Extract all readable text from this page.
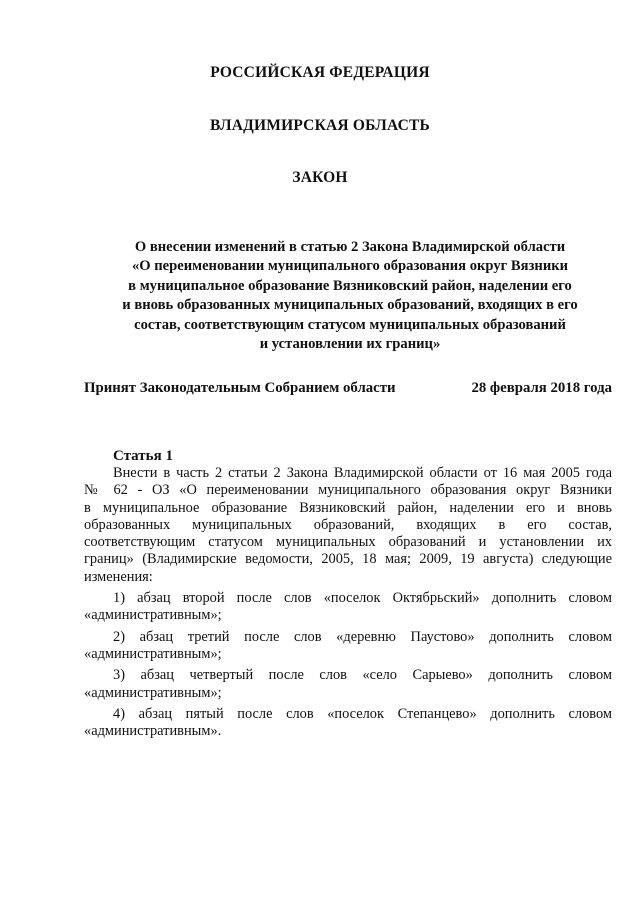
РОССИЙСКАЯ ФЕДЕРАЦИЯ
ВЛАДИМИРСКАЯ ОБЛАСТЬ
ЗАКОН
О внесении изменений в статью 2 Закона Владимирской области
«О переименовании муниципального образования округ Вязники
в муниципальное образование Вязниковский район, наделении его
и вновь образованных муниципальных образований, входящих в его
состав, соответствующим статусом муниципальных образований
и установлении их границ»
Принят Законодательным Собранием области	28 февраля 2018 года
Статья 1
Внести в часть 2 статьи 2 Закона Владимирской области от 16 мая 2005 года
№ 62 - ОЗ «О переименовании муниципального образования округ Вязники
в муниципальное образование Вязниковский район, наделении его и вновь
образованных муниципальных образований, входящих в его состав,
соответствующим статусом муниципальных образований и установлении их
границ» (Владимирские ведомости, 2005, 18 мая; 2009, 19 августа) следующие
изменения:
1) абзац второй после слов «поселок Октябрьский» дополнить словом
«административным»;
2) абзац третий после слов «деревню Паустово» дополнить словом
«административным»;
3) абзац четвертый после слов «село Сарыево» дополнить словом
«административным»;
4) абзац пятый после слов «поселок Степанцево» дополнить словом
«административным».
